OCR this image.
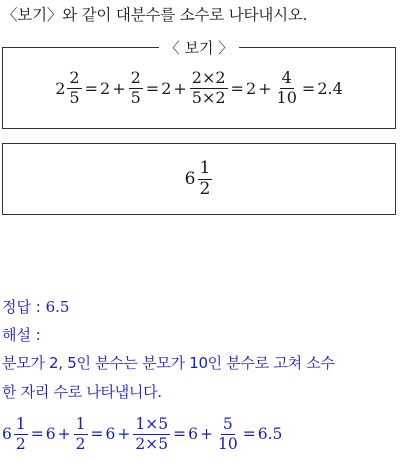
〈보기〉와 같이 대분수를 소수로 나타내시오.
〈 보기 〉
$2 \frac{2}{5} = 2 + \frac{2}{5} = 2 + \frac{2\times 2}{5\times 2} = 2 + \frac{4}{10} = 2.4$
$6 \frac{1}{2}$
정답 : 6.5
해설 :
분모가 2, 5인 분수는 분모가 10인 분수로 고쳐 소수
한 자리 수로 나타냅니다.
$6 \frac{1}{2} = 6 + \frac{1}{2} = 6 + \frac{1\times 5}{2\times 5} = 6 + \frac{5}{10} = 6.5$
